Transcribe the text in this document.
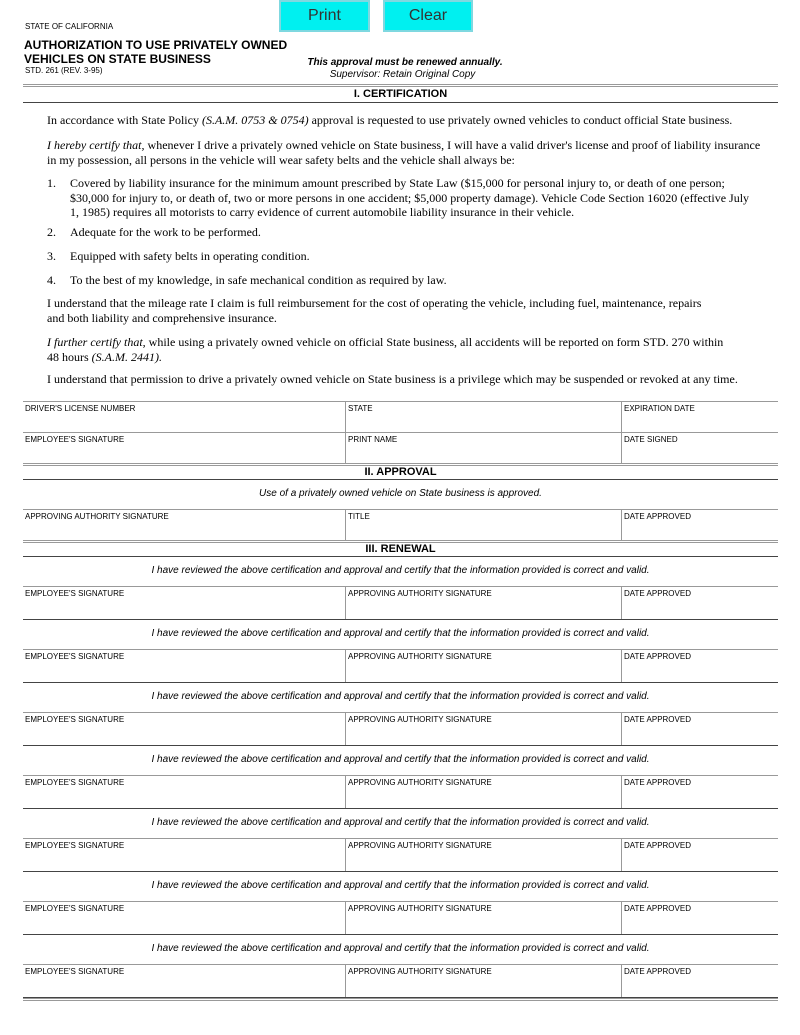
Print	Clear
STATE OF CALIFORNIA
AUTHORIZATION TO USE PRIVATELY OWNED
VEHICLES ON STATE BUSINESS
STD. 261 (REV. 3-95)
This approval must be renewed annually.
Supervisor: Retain Original Copy
I. CERTIFICATION
In accordance with State Policy (S.A.M. 0753 & 0754) approval is requested to use privately owned vehicles to conduct official State business.
I hereby certify that, whenever I drive a privately owned vehicle on State business, I will have a valid driver's license and proof of liability insurance in my possession, all persons in the vehicle will wear safety belts and the vehicle shall always be:
1. Covered by liability insurance for the minimum amount prescribed by State Law ($15,000 for personal injury to, or death of one person; $30,000 for injury to, or death of, two or more persons in one accident; $5,000 property damage). Vehicle Code Section 16020 (effective July 1, 1985) requires all motorists to carry evidence of current automobile liability insurance in their vehicle.
2. Adequate for the work to be performed.
3. Equipped with safety belts in operating condition.
4. To the best of my knowledge, in safe mechanical condition as required by law.
I understand that the mileage rate I claim is full reimbursement for the cost of operating the vehicle, including fuel, maintenance, repairs and both liability and comprehensive insurance.
I further certify that, while using a privately owned vehicle on official State business, all accidents will be reported on form STD. 270 within 48 hours (S.A.M. 2441).
I understand that permission to drive a privately owned vehicle on State business is a privilege which may be suspended or revoked at any time.
DRIVER'S LICENSE NUMBER	STATE	EXPIRATION DATE
EMPLOYEE'S SIGNATURE	PRINT NAME	DATE SIGNED
II. APPROVAL
Use of a privately owned vehicle on State business is approved.
APPROVING AUTHORITY SIGNATURE	TITLE	DATE APPROVED
III. RENEWAL
I have reviewed the above certification and approval and certify that the information provided is correct and valid.
EMPLOYEE'S SIGNATURE	APPROVING AUTHORITY SIGNATURE	DATE APPROVED
I have reviewed the above certification and approval and certify that the information provided is correct and valid.
EMPLOYEE'S SIGNATURE	APPROVING AUTHORITY SIGNATURE	DATE APPROVED
I have reviewed the above certification and approval and certify that the information provided is correct and valid.
EMPLOYEE'S SIGNATURE	APPROVING AUTHORITY SIGNATURE	DATE APPROVED
I have reviewed the above certification and approval and certify that the information provided is correct and valid.
EMPLOYEE'S SIGNATURE	APPROVING AUTHORITY SIGNATURE	DATE APPROVED
I have reviewed the above certification and approval and certify that the information provided is correct and valid.
EMPLOYEE'S SIGNATURE	APPROVING AUTHORITY SIGNATURE	DATE APPROVED
I have reviewed the above certification and approval and certify that the information provided is correct and valid.
EMPLOYEE'S SIGNATURE	APPROVING AUTHORITY SIGNATURE	DATE APPROVED
I have reviewed the above certification and approval and certify that the information provided is correct and valid.
EMPLOYEE'S SIGNATURE	APPROVING AUTHORITY SIGNATURE	DATE APPROVED
